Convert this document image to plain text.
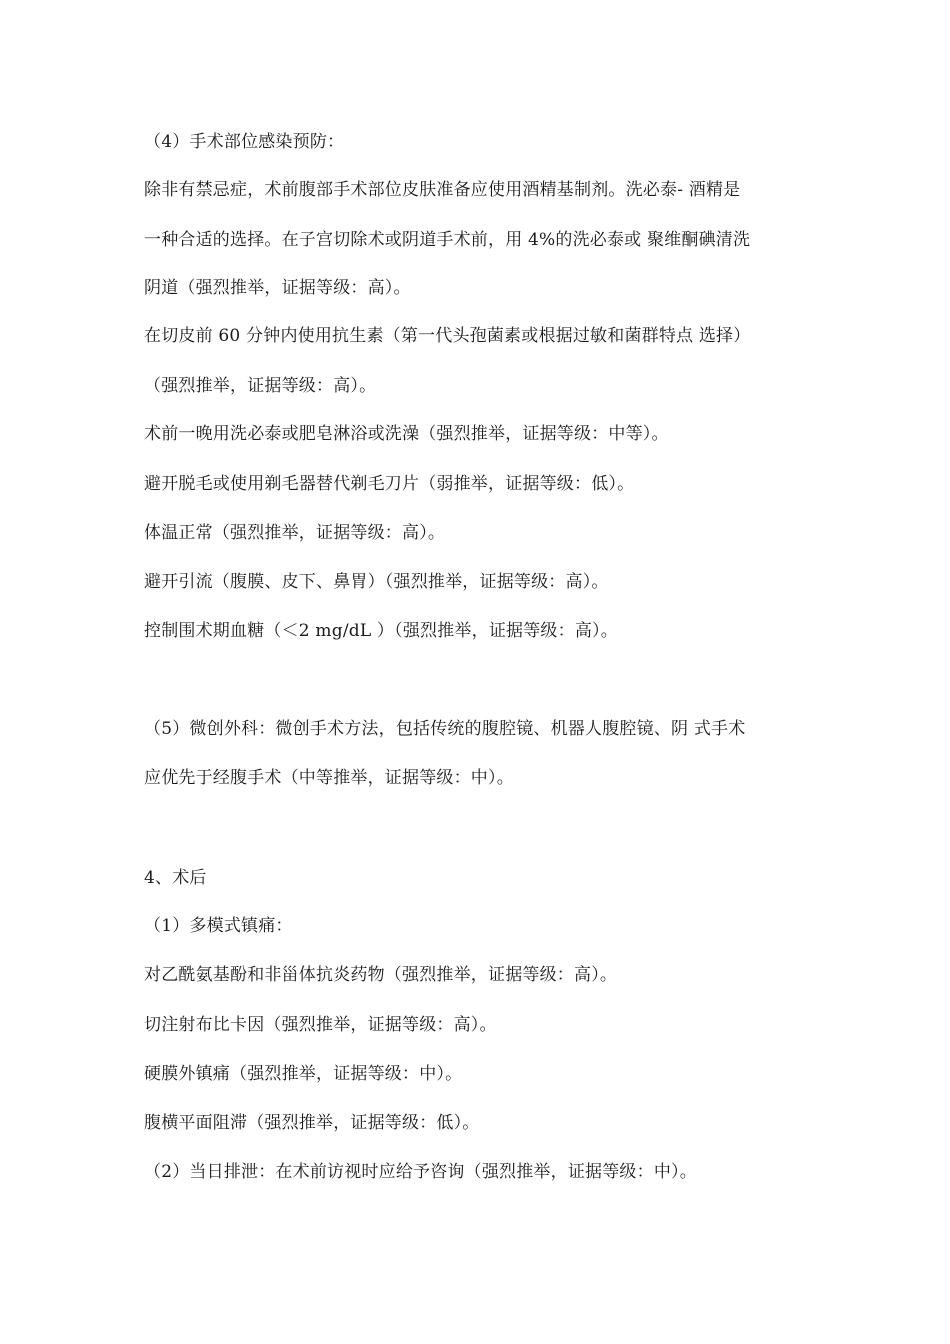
（4）手术部位感染预防：
除非有禁忌症，术前腹部手术部位皮肤准备应使用酒精基制剂。洗必泰- 酒精是
一种合适的选择。在子宫切除术或阴道手术前，用 4%的洗必泰或 聚维酮碘清洗
阴道（强烈推举，证据等级：高）。
在切皮前 60 分钟内使用抗生素（第一代头孢菌素或根据过敏和菌群特点 选择）
（强烈推举，证据等级：高）。
术前一晚用洗必泰或肥皂淋浴或洗澡（强烈推举，证据等级：中等）。
避开脱毛或使用剃毛器替代剃毛刀片（弱推举，证据等级：低）。
体温正常（强烈推举，证据等级：高）。
避开引流（腹膜、皮下、鼻胃）（强烈推举，证据等级：高）。
控制围术期血糖（＜2 mg/dL ）（强烈推举，证据等级：高）。
（5）微创外科：微创手术方法，包括传统的腹腔镜、机器人腹腔镜、阴 式手术
应优先于经腹手术（中等推举，证据等级：中）。
4、术后
（1）多模式镇痛：
对乙酰氨基酚和非甾体抗炎药物（强烈推举，证据等级：高）。
切注射布比卡因（强烈推举，证据等级：高）。
硬膜外镇痛（强烈推举，证据等级：中）。
腹横平面阻滞（强烈推举，证据等级：低）。
（2）当日排泄：在术前访视时应给予咨询（强烈推举，证据等级：中）。
